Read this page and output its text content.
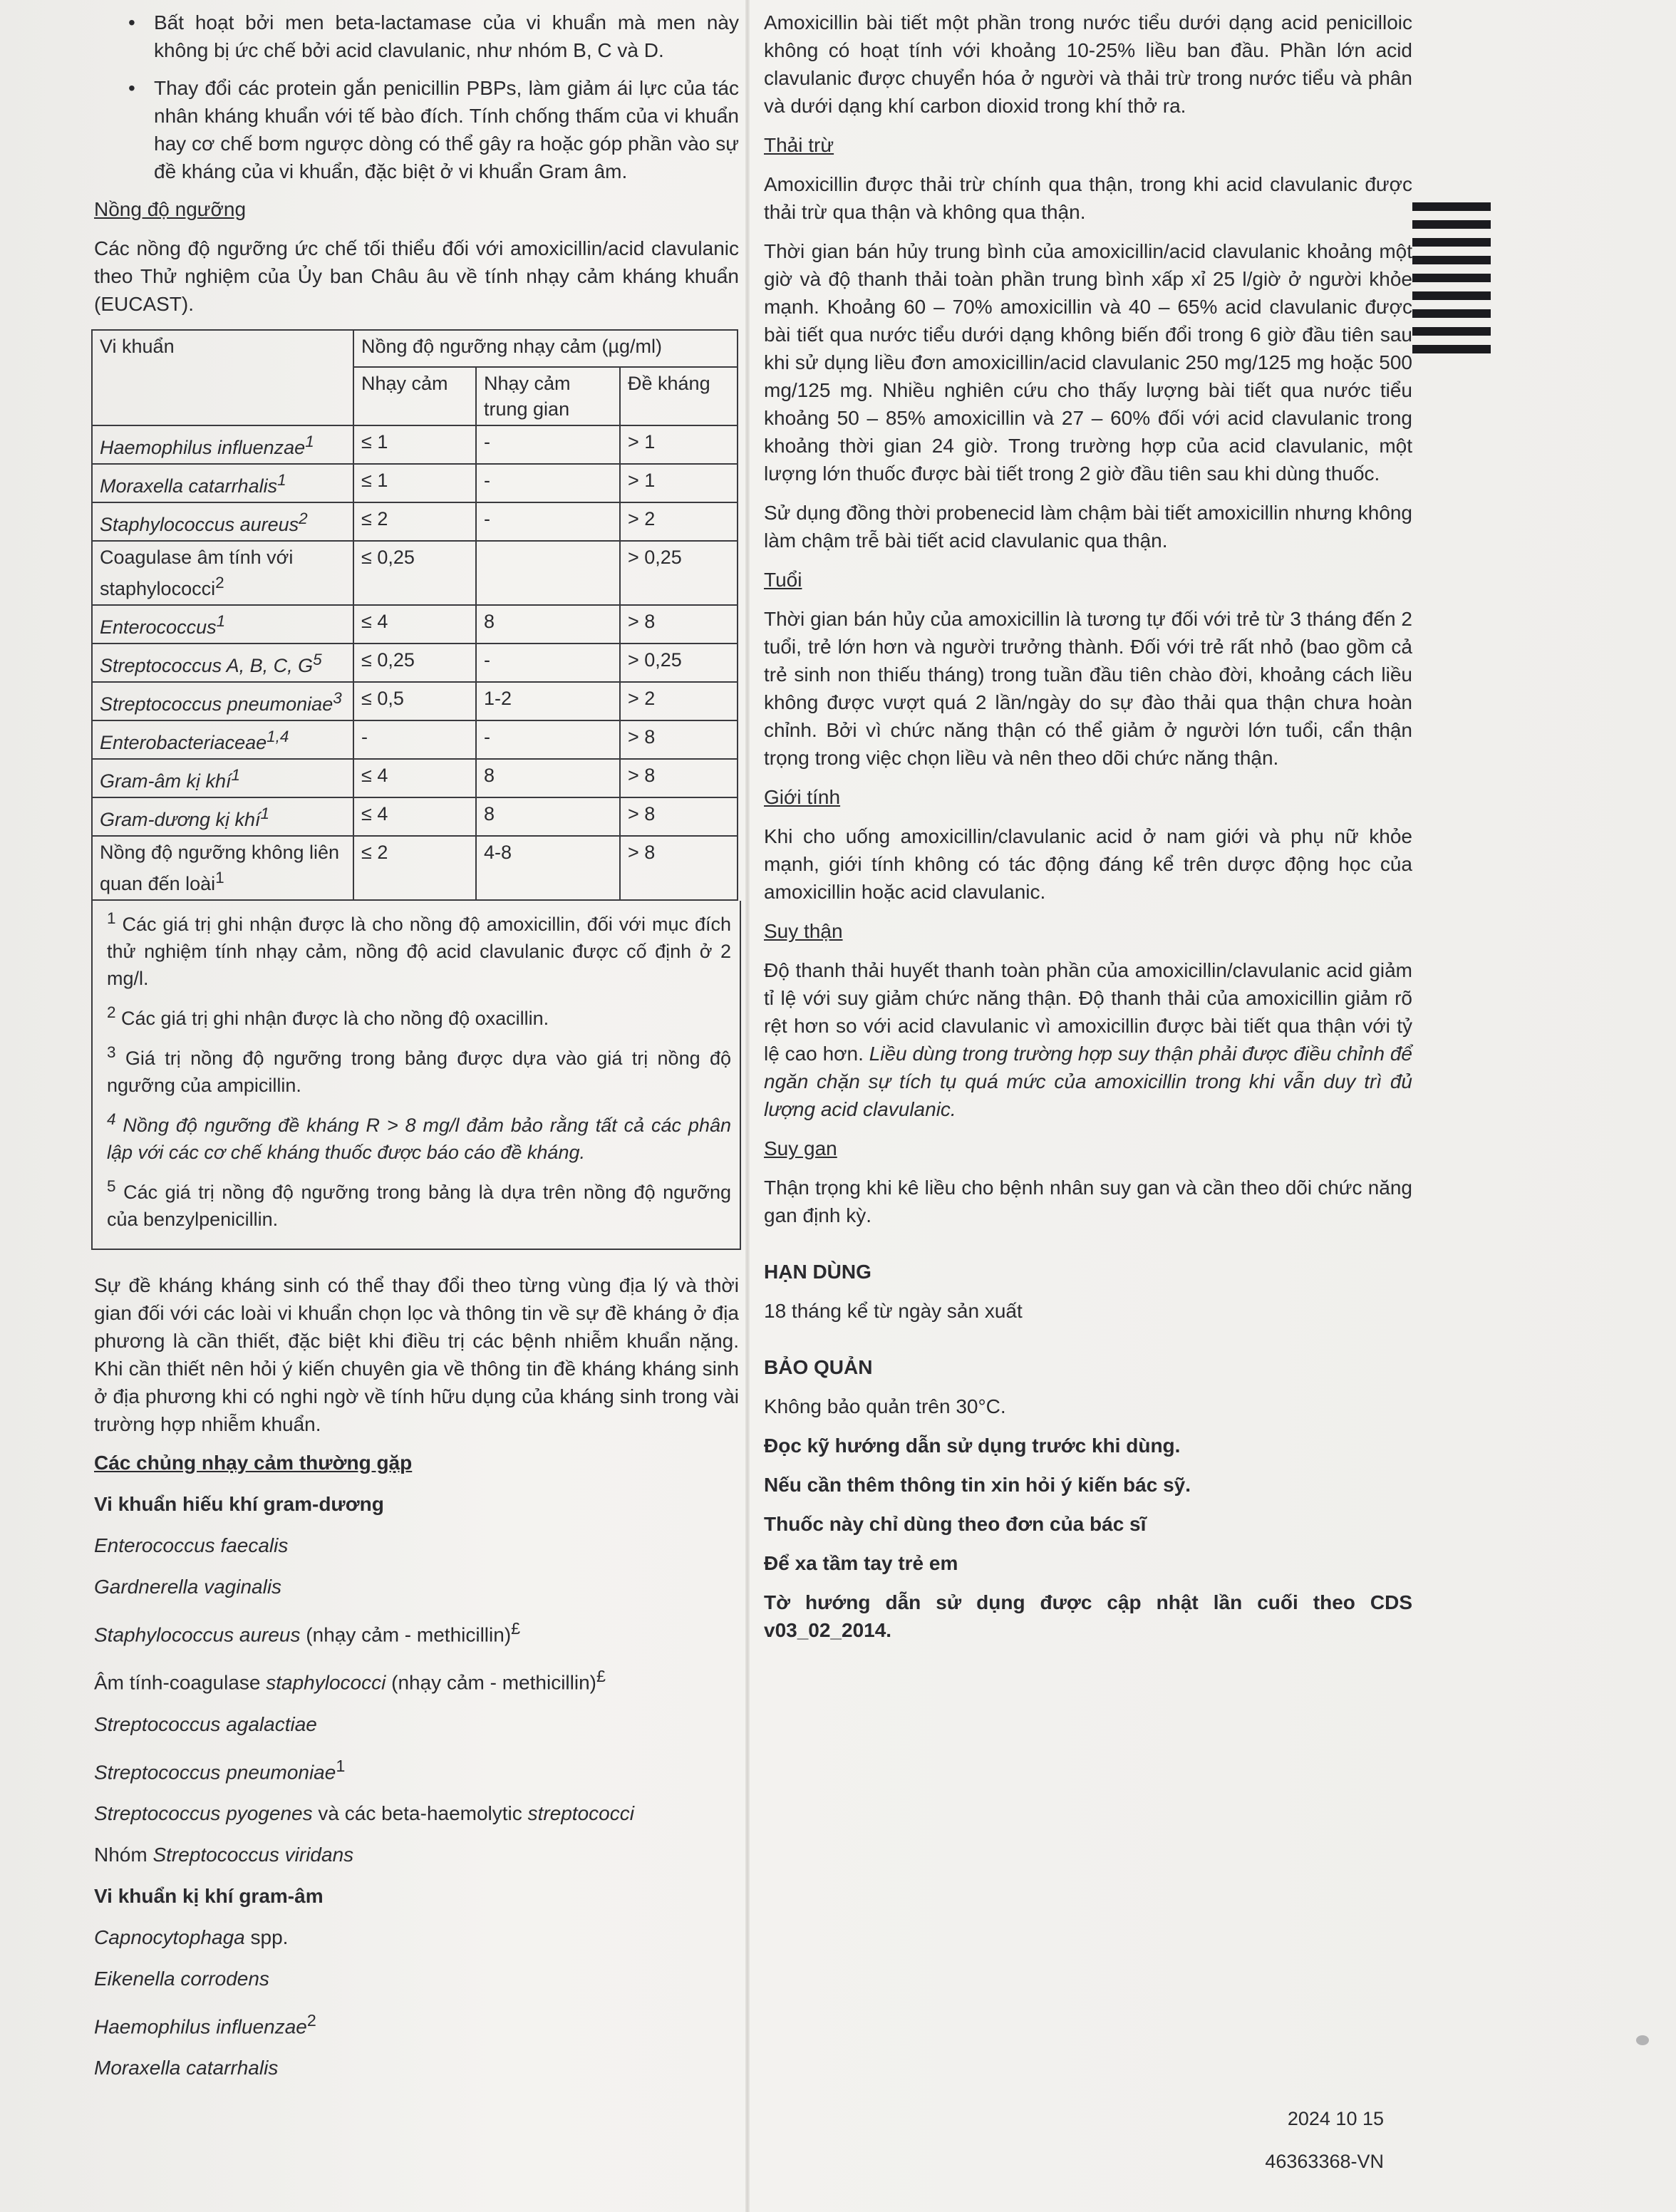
• Bất hoạt bởi men beta-lactamase của vi khuẩn mà men này không bị ức chế bởi acid clavulanic, như nhóm B, C và D.
• Thay đổi các protein gắn penicillin PBPs, làm giảm ái lực của tác nhân kháng khuẩn với tế bào đích. Tính chống thấm của vi khuẩn hay cơ chế bơm ngược dòng có thể gây ra hoặc góp phần vào sự đề kháng của vi khuẩn, đặc biệt ở vi khuẩn Gram âm.

Nồng độ ngưỡng

Các nồng độ ngưỡng ức chế tối thiểu đối với amoxicillin/acid clavulanic theo Thử nghiệm của Ủy ban Châu âu về tính nhạy cảm kháng khuẩn (EUCAST).

Vi khuẩn	Nồng độ ngưỡng nhạy cảm (µg/ml)		
	Nhạy cảm	Nhạy cảm trung gian	Đề kháng
Haemophilus influenzae$^1$	≤ 1	-	> 1
Moraxella catarrhalis$^1$	≤ 1	-	> 1
Staphylococcus aureus$^2$	≤ 2	-	> 2
Coagulase âm tính với staphylococci$^2$	≤ 0,25		> 0,25
Enterococcus$^1$	≤ 4	8	> 8
Streptococcus A, B, C, $G^5$	≤ 0,25	-	> 0,25
Streptococcus pneumoniae$^3$	≤ 0,5	1-2	> 2
Enterobacteriaceae$^{1,4}$	-	-	> 8
Gram-âm kị khí$^1$	≤ 4	8	> 8
Gram-dương kị khí$^1$	≤ 4	8	> 8
Nồng độ ngưỡng không liên quan đến loài$^1$	≤ 2	4-8	> 8

$^1$ Các giá trị ghi nhận được là cho nồng độ amoxicillin, đối với mục đích thử nghiệm tính nhạy cảm, nồng độ acid clavulanic được cố định ở 2 mg/l.

$^2$ Các giá trị ghi nhận được là cho nồng độ oxacillin.

$^3$ Giá trị nồng độ ngưỡng trong bảng được dựa vào giá trị nồng độ ngưỡng của ampicillin.

$^4$ Nồng độ ngưỡng đề kháng R > 8 mg/l đảm bảo rằng tất cả các phân lập với các cơ chế kháng thuốc được báo cáo đề kháng.

$^5$ Các giá trị nồng độ ngưỡng trong bảng là dựa trên nồng độ ngưỡng của benzylpenicillin.

Sự đề kháng kháng sinh có thể thay đổi theo từng vùng địa lý và thời gian đối với các loài vi khuẩn chọn lọc và thông tin về sự đề kháng ở địa phương là cần thiết, đặc biệt khi điều trị các bệnh nhiễm khuẩn nặng. Khi cần thiết nên hỏi ý kiến chuyên gia về thông tin đề kháng kháng sinh ở địa phương khi có nghi ngờ về tính hữu dụng của kháng sinh trong vài trường hợp nhiễm khuẩn.

Các chủng nhạy cảm thường gặp

Vi khuẩn hiếu khí gram-dương

Enterococcus faecalis

Gardnerella vaginalis

Staphylococcus aureus (nhạy cảm - methicillin)£

Âm tính-coagulase staphylococci (nhạy cảm - methicillin)£

Streptococcus agalactiae

Streptococcus pneumoniae$^1$

Streptococcus pyogenes và các beta-haemolytic streptococci

Nhóm Streptococcus viridans

Vi khuẩn kị khí gram-âm

Capnocytophaga spp.

Eikenella corrodens

Haemophilus influenzae$^2$

Moraxella catarrhalis

Amoxicillin bài tiết một phần trong nước tiểu dưới dạng acid penicilloic không có hoạt tính với khoảng 10-25% liều ban đầu. Phần lớn acid clavulanic được chuyển hóa ở người và thải trừ trong nước tiểu và phân và dưới dạng khí carbon dioxid trong khí thở ra.

Thải trừ

Amoxicillin được thải trừ chính qua thận, trong khi acid clavulanic được thải trừ qua thận và không qua thận.

Thời gian bán hủy trung bình của amoxicillin/acid clavulanic khoảng một giờ và độ thanh thải toàn phần trung bình xấp xỉ 25 l/giờ ở người khỏe mạnh. Khoảng 60 – 70% amoxicillin và 40 – 65% acid clavulanic được bài tiết qua nước tiểu dưới dạng không biến đổi trong 6 giờ đầu tiên sau khi sử dụng liều đơn amoxicillin/acid clavulanic 250 mg/125 mg hoặc 500 mg/125 mg. Nhiều nghiên cứu cho thấy lượng bài tiết qua nước tiểu khoảng 50 – 85% amoxicillin và 27 – 60% đối với acid clavulanic trong khoảng thời gian 24 giờ. Trong trường hợp của acid clavulanic, một lượng lớn thuốc được bài tiết trong 2 giờ đầu tiên sau khi dùng thuốc.

Sử dụng đồng thời probenecid làm chậm bài tiết amoxicillin nhưng không làm chậm trễ bài tiết acid clavulanic qua thận.

Tuổi

Thời gian bán hủy của amoxicillin là tương tự đối với trẻ từ 3 tháng đến 2 tuổi, trẻ lớn hơn và người trưởng thành. Đối với trẻ rất nhỏ (bao gồm cả trẻ sinh non thiếu tháng) trong tuần đầu tiên chào đời, khoảng cách liều không được vượt quá 2 lần/ngày do sự đào thải qua thận chưa hoàn chỉnh. Bởi vì chức năng thận có thể giảm ở người lớn tuổi, cẩn thận trọng trong việc chọn liều và nên theo dõi chức năng thận.

Giới tính

Khi cho uống amoxicillin/clavulanic acid ở nam giới và phụ nữ khỏe mạnh, giới tính không có tác động đáng kể trên dược động học của amoxicillin hoặc acid clavulanic.

Suy thận

Độ thanh thải huyết thanh toàn phần của amoxicillin/clavulanic acid giảm tỉ lệ với suy giảm chức năng thận. Độ thanh thải của amoxicillin giảm rõ rệt hơn so với acid clavulanic vì amoxicillin được bài tiết qua thận với tỷ lệ cao hơn. Liều dùng trong trường hợp suy thận phải được điều chỉnh để ngăn chặn sự tích tụ quá mức của amoxicillin trong khi vẫn duy trì đủ lượng acid clavulanic.

Suy gan

Thận trọng khi kê liều cho bệnh nhân suy gan và cần theo dõi chức năng gan định kỳ.

HẠN DÙNG

18 tháng kể từ ngày sản xuất

BẢO QUẢN

Không bảo quản trên 30°C.

Đọc kỹ hướng dẫn sử dụng trước khi dùng.

Nếu cần thêm thông tin xin hỏi ý kiến bác sỹ.

Thuốc này chỉ dùng theo đơn của bác sĩ

Để xa tầm tay trẻ em

Tờ hướng dẫn sử dụng được cập nhật lần cuối theo CDS v03_02_2014.

2024 10 15
46363368-VN
